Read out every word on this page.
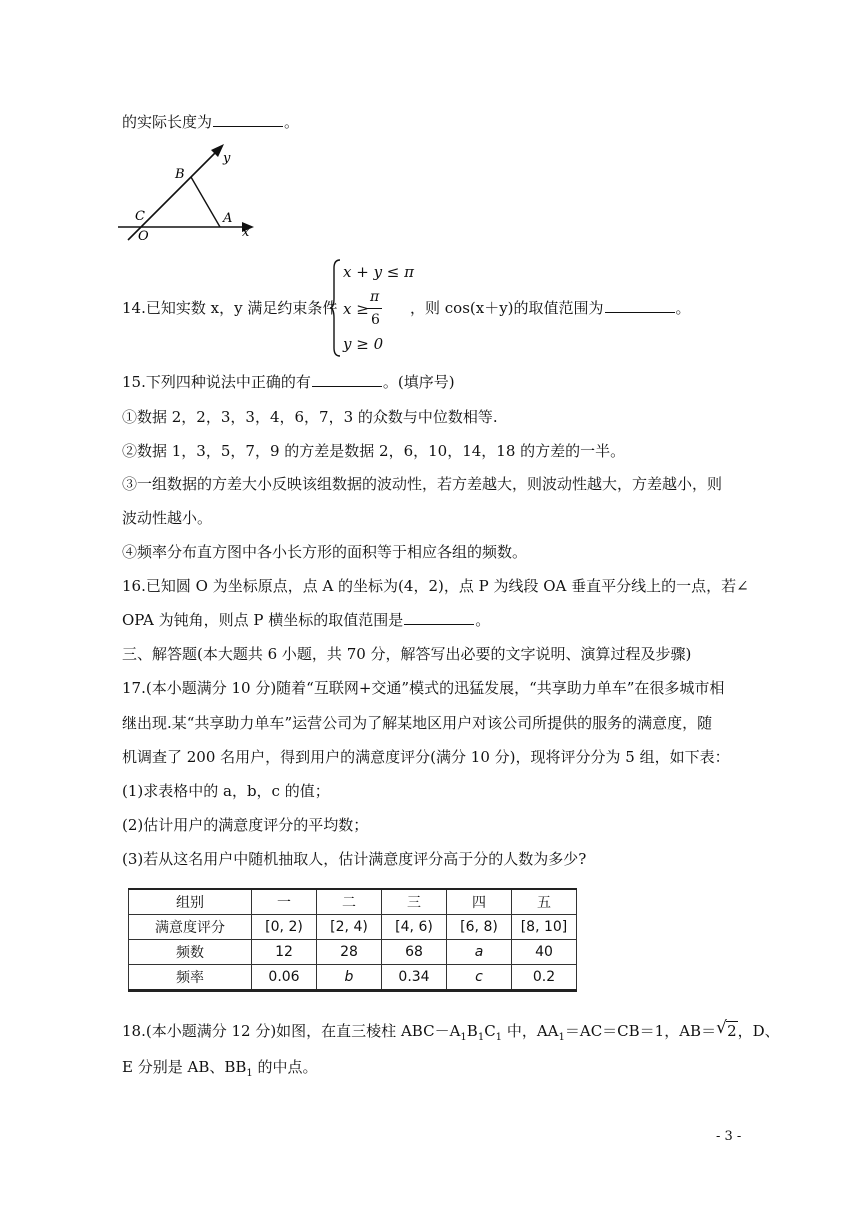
的实际长度为	。
y
x
B
C	A
O
14.已知实数 x，y 满足约束条件
x + y ≤ π
x ≥
π
6
y ≥ 0
，则 cos(x＋y)的取值范围为	。
15.下列四种说法中正确的有	。(填序号)
①数据 2，2，3，3，4，6，7，3 的众数与中位数相等.
②数据 1，3，5，7，9 的方差是数据 2，6，10，14，18 的方差的一半。
③一组数据的方差大小反映该组数据的波动性，若方差越大，则波动性越大，方差越小，则
波动性越小。
④频率分布直方图中各小长方形的面积等于相应各组的频数。
16.已知圆 O 为坐标原点，点 A 的坐标为(4，2)，点 P 为线段 OA 垂直平分线上的一点，若∠
OPA 为钝角，则点 P 横坐标的取值范围是	。
三、解答题(本大题共 6 小题，共 70 分，解答写出必要的文字说明、演算过程及步骤)
17.(本小题满分 10 分)随着“互联网+交通”模式的迅猛发展，“共享助力单车”在很多城市相
继出现.某“共享助力单车”运营公司为了解某地区用户对该公司所提供的服务的满意度，随
机调查了 200 名用户，得到用户的满意度评分(满分 10 分)，现将评分分为 5 组，如下表：
(1)求表格中的 a，b，c 的值；
(2)估计用户的满意度评分的平均数；
(3)若从这名用户中随机抽取人，估计满意度评分高于分的人数为多少?
组别	一	二	三	四	五
满意度评分	[0, 2)	[2, 4)	[4, 6)	[6, 8)	[8, 10]
频数	12	28	68	a	40
频率	0.06	b	0.34	c	0.2
18.(本小题满分 12 分)如图，在直三棱柱 $ABC-A_1B_1C_1$ 中，$AA_1=AC=CB=1$，AB＝ √ 2，D、
E 分别是 AB、$BB_1$ 的中点。
- 3 -
